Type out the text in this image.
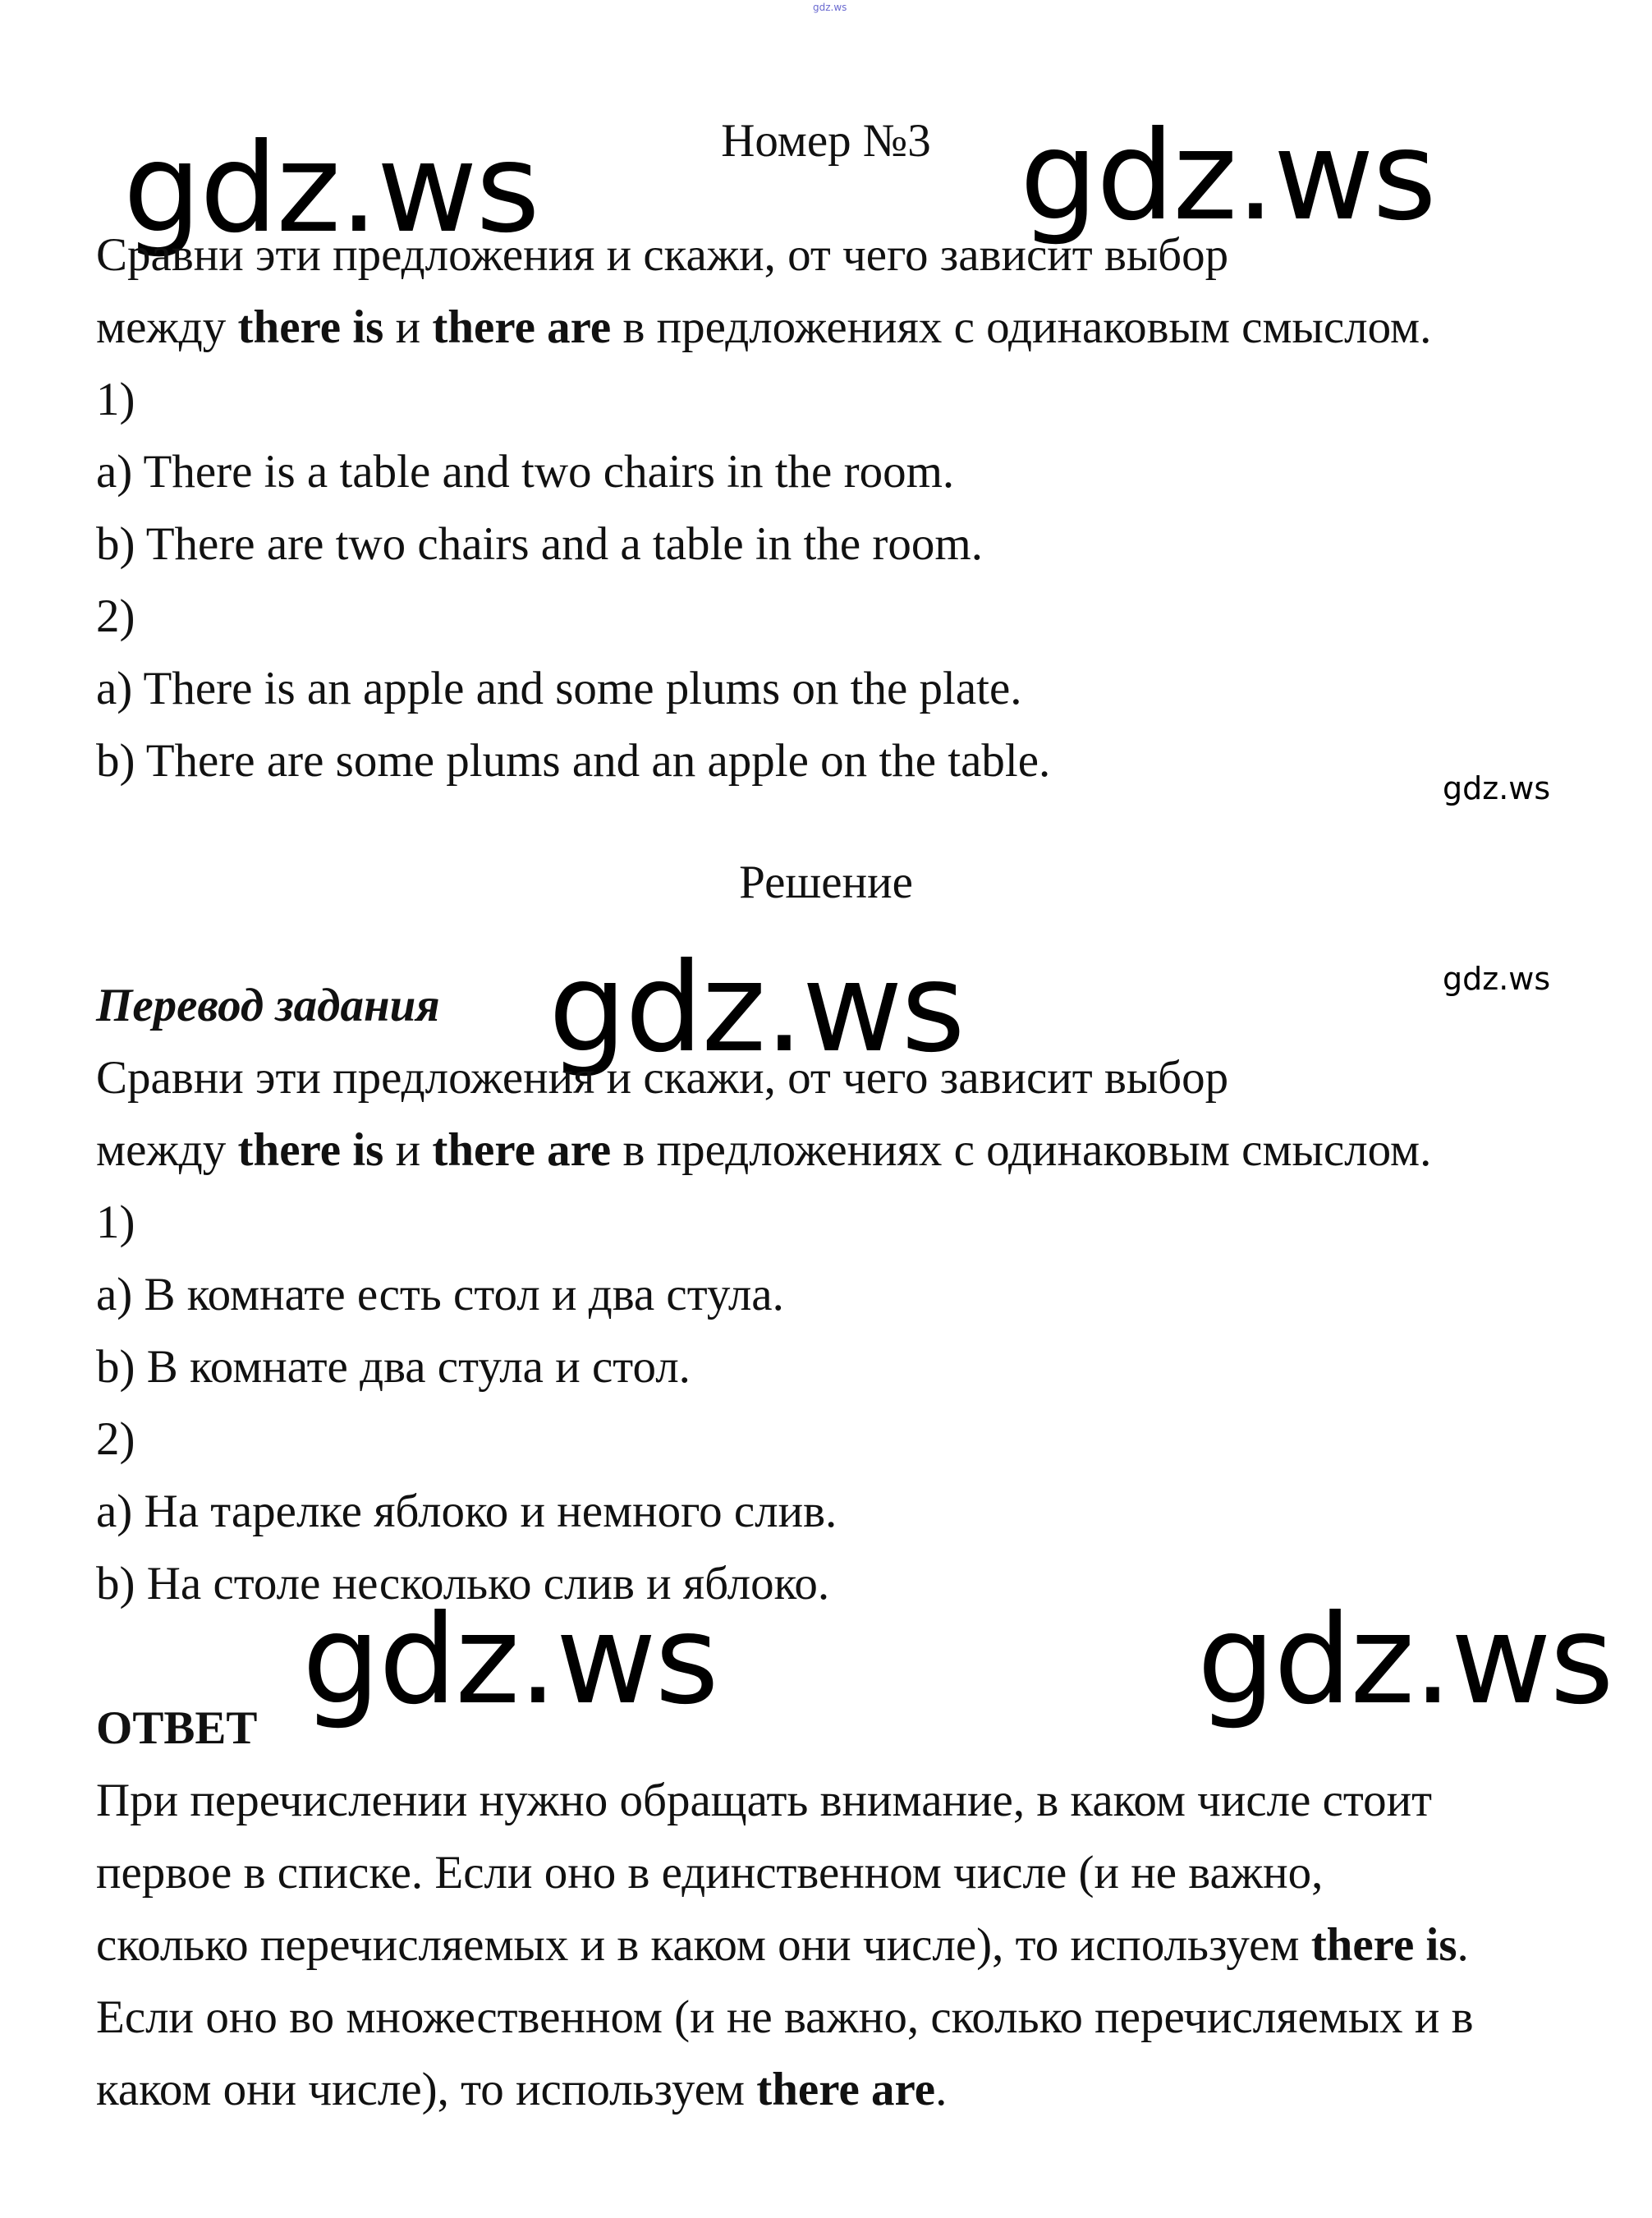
gdz.ws
gdz.ws	gdz.ws
gdz.ws
gdz.ws
gdz.ws
gdz.ws	gdz.ws
Номер №3
Сравни эти предложения и скажи, от чего зависит выбор
между there is и there are в предложениях с одинаковым смыслом.
1)
a) There is a table and two chairs in the room.
b) There are two chairs and a table in the room.
2)
a) There is an apple and some plums on the plate.
b) There are some plums and an apple on the table.
Решение
Перевод задания
Сравни эти предложения и скажи, от чего зависит выбор
между there is и there are в предложениях с одинаковым смыслом.
1)
a) В комнате есть стол и два стула.
b) В комнате два стула и стол.
2)
a) На тарелке яблоко и немного слив.
b) На столе несколько слив и яблоко.
ОТВЕТ
При перечислении нужно обращать внимание, в каком числе стоит
первое в списке. Если оно в единственном числе (и не важно,
сколько перечисляемых и в каком они числе), то используем there is.
Если оно во множественном (и не важно, сколько перечисляемых и в
каком они числе), то используем there are.
